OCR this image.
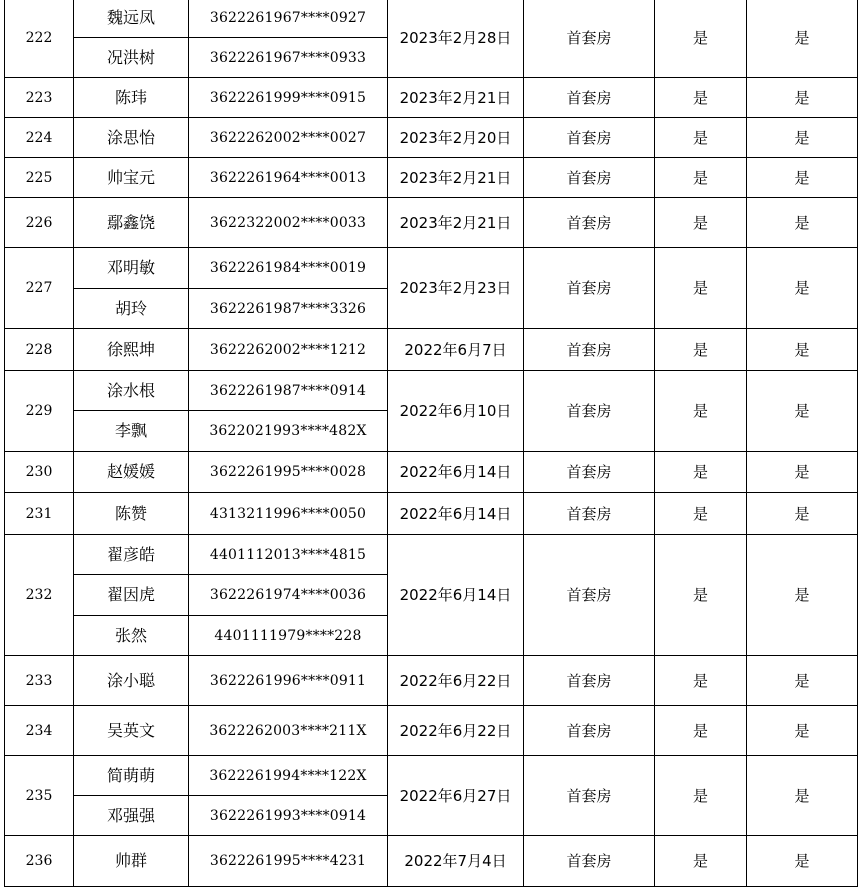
222	魏远凤	3622261967****0927	2023年2月28日	首套房	是	是
	况洪树	3622261967****0933				
223	陈玮	3622261999****0915	2023年2月21日	首套房	是	是
224	涂思怡	3622262002****0027	2023年2月20日	首套房	是	是
225	帅宝元	3622261964****0013	2023年2月21日	首套房	是	是
226	鄢鑫饶	3622322002****0033	2023年2月21日	首套房	是	是
227	邓明敏	3622261984****0019	2023年2月23日	首套房	是	是
	胡玲	3622261987****3326				
228	徐熙坤	3622262002****1212	2022年6月7日	首套房	是	是
229	涂水根	3622261987****0914	2022年6月10日	首套房	是	是
	李飘	3622021993****482X				
230	赵媛媛	3622261995****0028	2022年6月14日	首套房	是	是
231	陈赞	4313211996****0050	2022年6月14日	首套房	是	是
232	翟彦皓	4401112013****4815	2022年6月14日	首套房	是	是
	翟因虎	3622261974****0036				
	张然	4401111979****228				
233	涂小聪	3622261996****0911	2022年6月22日	首套房	是	是
234	吴英文	3622262003****211X	2022年6月22日	首套房	是	是
235	简萌萌	3622261994****122X	2022年6月27日	首套房	是	是
	邓强强	3622261993****0914				
236	帅群	3622261995****4231	2022年7月4日	首套房	是	是
